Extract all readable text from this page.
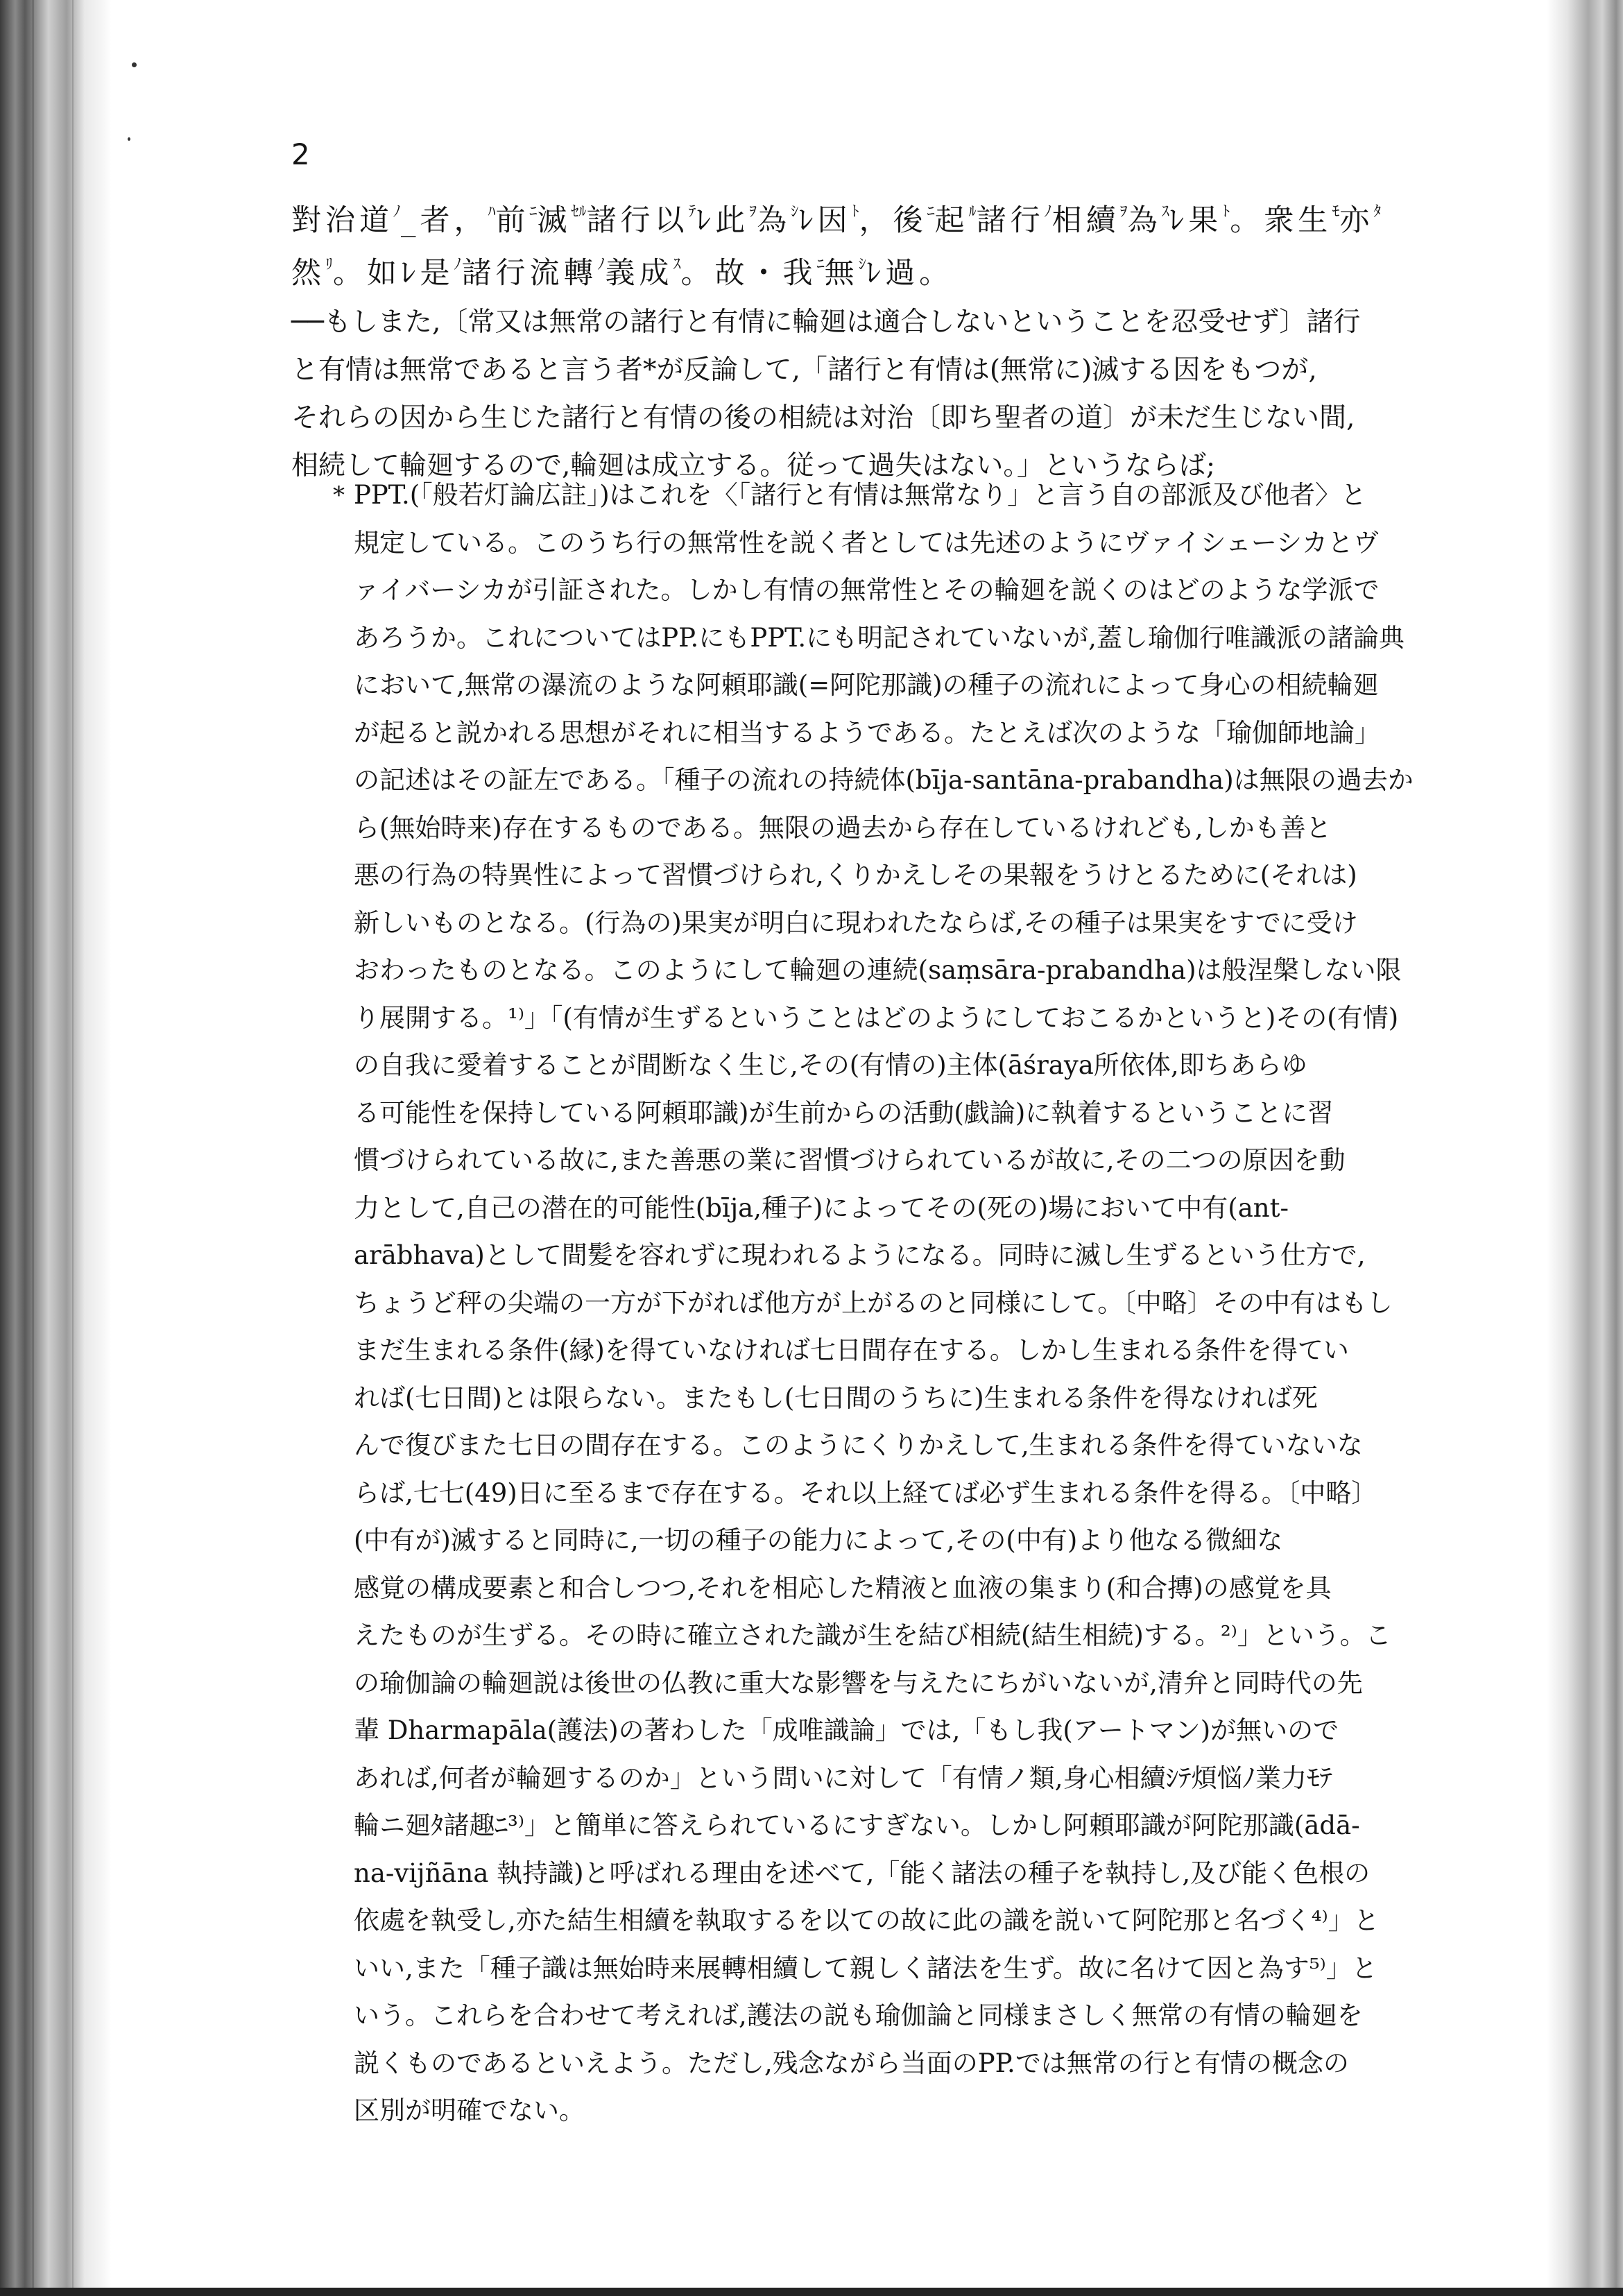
2
對治道$^ﾉ$_者，$^ﾊ$前$^ﾆ$滅$^{ｾﾙ}$諸行以$^ﾃ$ﾚ此$^ｦ$為$^ｼ$ﾚ因$^ﾄ$，後$^ﾆ$起$^ﾙ$諸行$^ﾉ$相續$^ｦ$為$^ｽ$ﾚ果$^ﾄ$。衆生$^ﾓ$亦$^ﾀ$
然$^ﾘ$。如ﾚ是$^ﾉ$諸行流轉$^ﾉ$義成$^ｽ$。故・我$^ﾆ$無$^ｼ$ﾚ過。
──もしまた,〔常又は無常の諸行と有情に輪廻は適合しないということを忍受せず〕諸行
と有情は無常であると言う者*が反論して,「諸行と有情は(無常に)滅する因をもつが,
それらの因から生じた諸行と有情の後の相続は対治〔即ち聖者の道〕が未だ生じない間,
相続して輪廻するので,輪廻は成立する。従って過失はない。」というならば;
* PPT.(「般若灯論広註」)はこれを〈「諸行と有情は無常なり」と言う自の部派及び他者〉と
規定している。このうち行の無常性を説く者としては先述のようにヴァイシェーシカとヴ
ァイバーシカが引証された。しかし有情の無常性とその輪廻を説くのはどのような学派で
あろうか。これについてはPP.にもPPT.にも明記されていないが,蓋し瑜伽行唯識派の諸論典
において,無常の瀑流のような阿頼耶識(=阿陀那識)の種子の流れによって身心の相続輪廻
が起ると説かれる思想がそれに相当するようである。たとえば次のような「瑜伽師地論」
の記述はその証左である。「種子の流れの持続体(bīja-santāna-prabandha)は無限の過去か
ら(無始時来)存在するものである。無限の過去から存在しているけれども,しかも善と
悪の行為の特異性によって習慣づけられ,くりかえしその果報をうけとるために(それは)
新しいものとなる。(行為の)果実が明白に現われたならば,その種子は果実をすでに受け
おわったものとなる。このようにして輪廻の連続(saṃsāra-prabandha)は般涅槃しない限
り展開する。¹⁾」「(有情が生ずるということはどのようにしておこるかというと)その(有情)
の自我に愛着することが間断なく生じ,その(有情の)主体(āśraya所依体,即ちあらゆ
る可能性を保持している阿頼耶識)が生前からの活動(戯論)に執着するということに習
慣づけられている故に,また善悪の業に習慣づけられているが故に,その二つの原因を動
力として,自己の潜在的可能性(bīja,種子)によってその(死の)場において中有(ant-
arābhava)として間髪を容れずに現われるようになる。同時に滅し生ずるという仕方で,
ちょうど秤の尖端の一方が下がれば他方が上がるのと同様にして。〔中略〕その中有はもし
まだ生まれる条件(縁)を得ていなければ七日間存在する。しかし生まれる条件を得てい
れば(七日間)とは限らない。またもし(七日間のうちに)生まれる条件を得なければ死
んで復びまた七日の間存在する。このようにくりかえして,生まれる条件を得ていないな
らば,七七(49)日に至るまで存在する。それ以上経てば必ず生まれる条件を得る。〔中略〕
(中有が)滅すると同時に,一切の種子の能力によって,その(中有)より他なる微細な
感覚の構成要素と和合しつつ,それを相応した精液と血液の集まり(和合摶)の感覚を具
えたものが生ずる。その時に確立された識が生を結び相続(結生相続)する。²⁾」という。こ
の瑜伽論の輪廻説は後世の仏教に重大な影響を与えたにちがいないが,清弁と同時代の先
輩 Dharmapāla(護法)の著わした「成唯識論」では,「もし我(アートマン)が無いので
あれば,何者が輪廻するのか」という問いに対して「有情ノ類,身心相續ｼﾃ煩悩ﾉ業力ﾓﾃ
輪ニ廻ﾀ諸趣ﾆ³⁾」と簡単に答えられているにすぎない。しかし阿頼耶識が阿陀那識(ādā-
na-vijñāna 執持識)と呼ばれる理由を述べて,「能く諸法の種子を執持し,及び能く色根の
依處を執受し,亦た結生相續を執取するを以ての故に此の識を説いて阿陀那と名づく⁴⁾」と
いい,また「種子識は無始時来展轉相續して親しく諸法を生ず。故に名けて因と為す⁵⁾」と
いう。これらを合わせて考えれば,護法の説も瑜伽論と同様まさしく無常の有情の輪廻を
説くものであるといえよう。ただし,残念ながら当面のPP.では無常の行と有情の概念の
区別が明確でない。
